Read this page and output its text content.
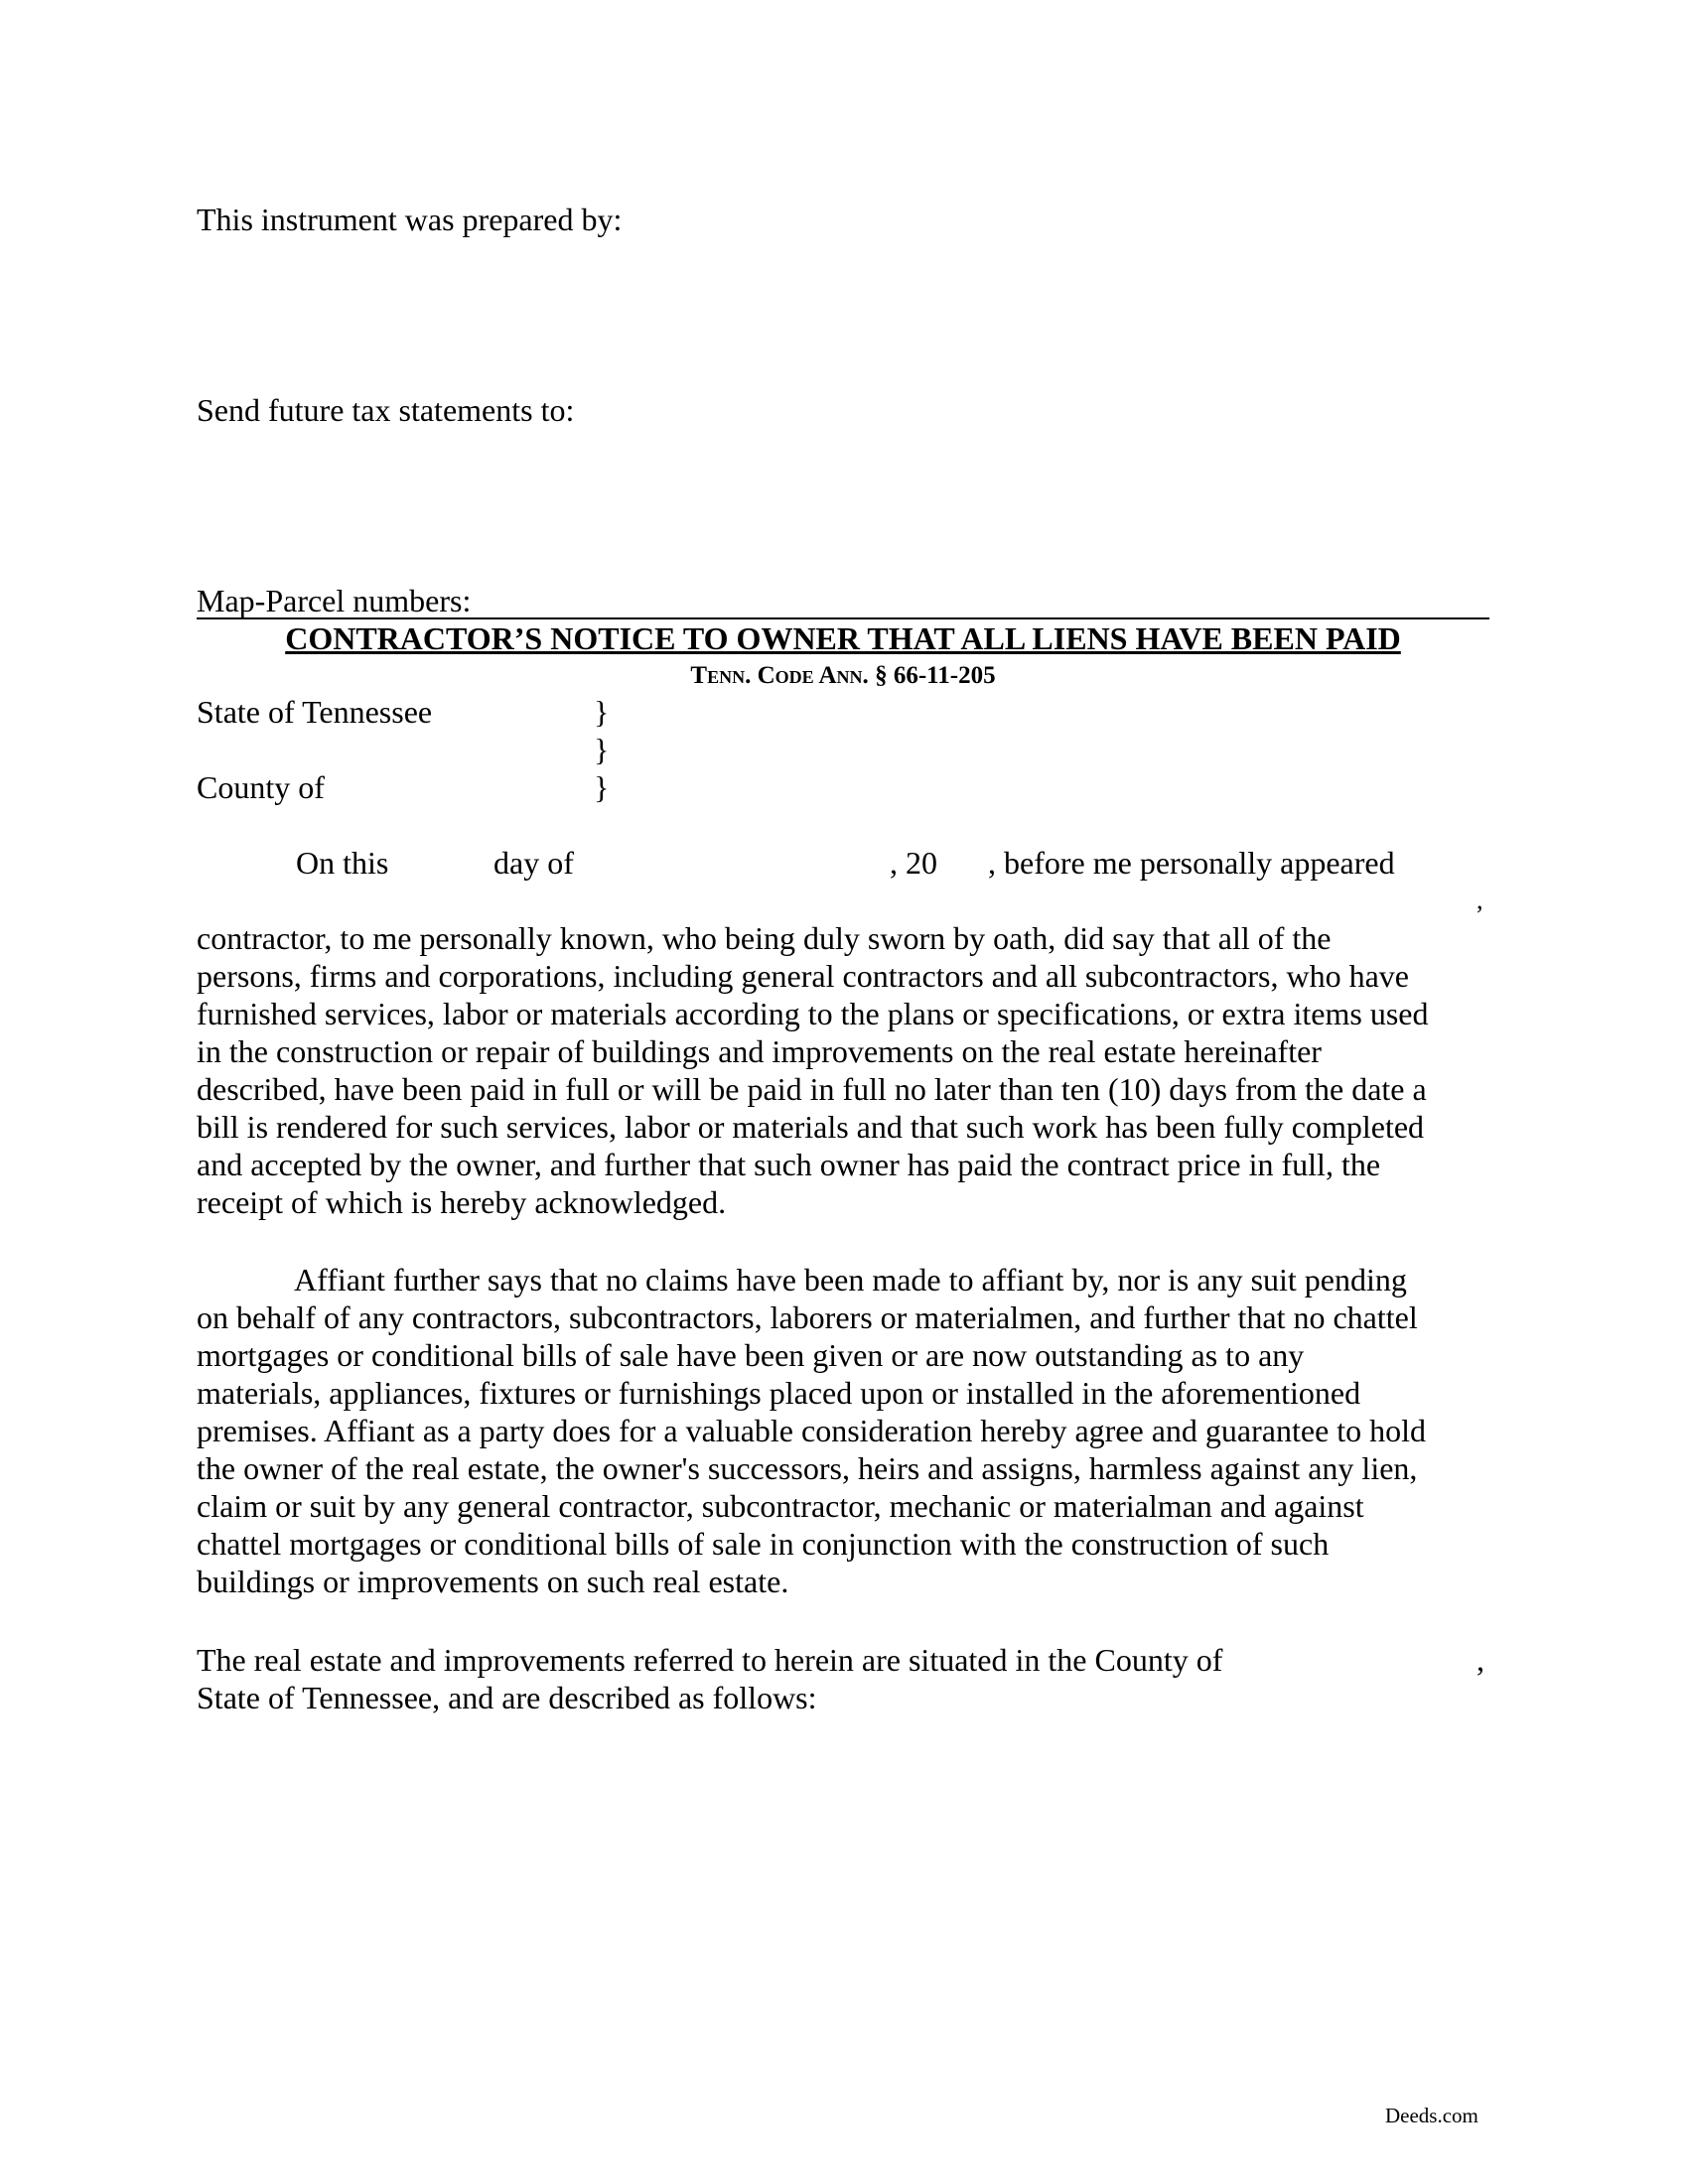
This instrument was prepared by:
Send future tax statements to:
Map-Parcel numbers:
CONTRACTOR’S NOTICE TO OWNER THAT ALL LIENS HAVE BEEN PAID
Tenn. Code Ann. § 66-11-205
State of Tennessee	}
}
County of	}
On this	day of	, 20 , before me personally appeared
,
contractor, to me personally known, who being duly sworn by oath, did say that all of the
persons, firms and corporations, including general contractors and all subcontractors, who have
furnished services, labor or materials according to the plans or specifications, or extra items used
in the construction or repair of buildings and improvements on the real estate hereinafter
described, have been paid in full or will be paid in full no later than ten (10) days from the date a
bill is rendered for such services, labor or materials and that such work has been fully completed
and accepted by the owner, and further that such owner has paid the contract price in full, the
receipt of which is hereby acknowledged.
Affiant further says that no claims have been made to affiant by, nor is any suit pending
on behalf of any contractors, subcontractors, laborers or materialmen, and further that no chattel
mortgages or conditional bills of sale have been given or are now outstanding as to any
materials, appliances, fixtures or furnishings placed upon or installed in the aforementioned
premises. Affiant as a party does for a valuable consideration hereby agree and guarantee to hold
the owner of the real estate, the owner's successors, heirs and assigns, harmless against any lien,
claim or suit by any general contractor, subcontractor, mechanic or materialman and against
chattel mortgages or conditional bills of sale in conjunction with the construction of such
buildings or improvements on such real estate.
The real estate and improvements referred to herein are situated in the County of	,
State of Tennessee, and are described as follows:
Deeds.com
